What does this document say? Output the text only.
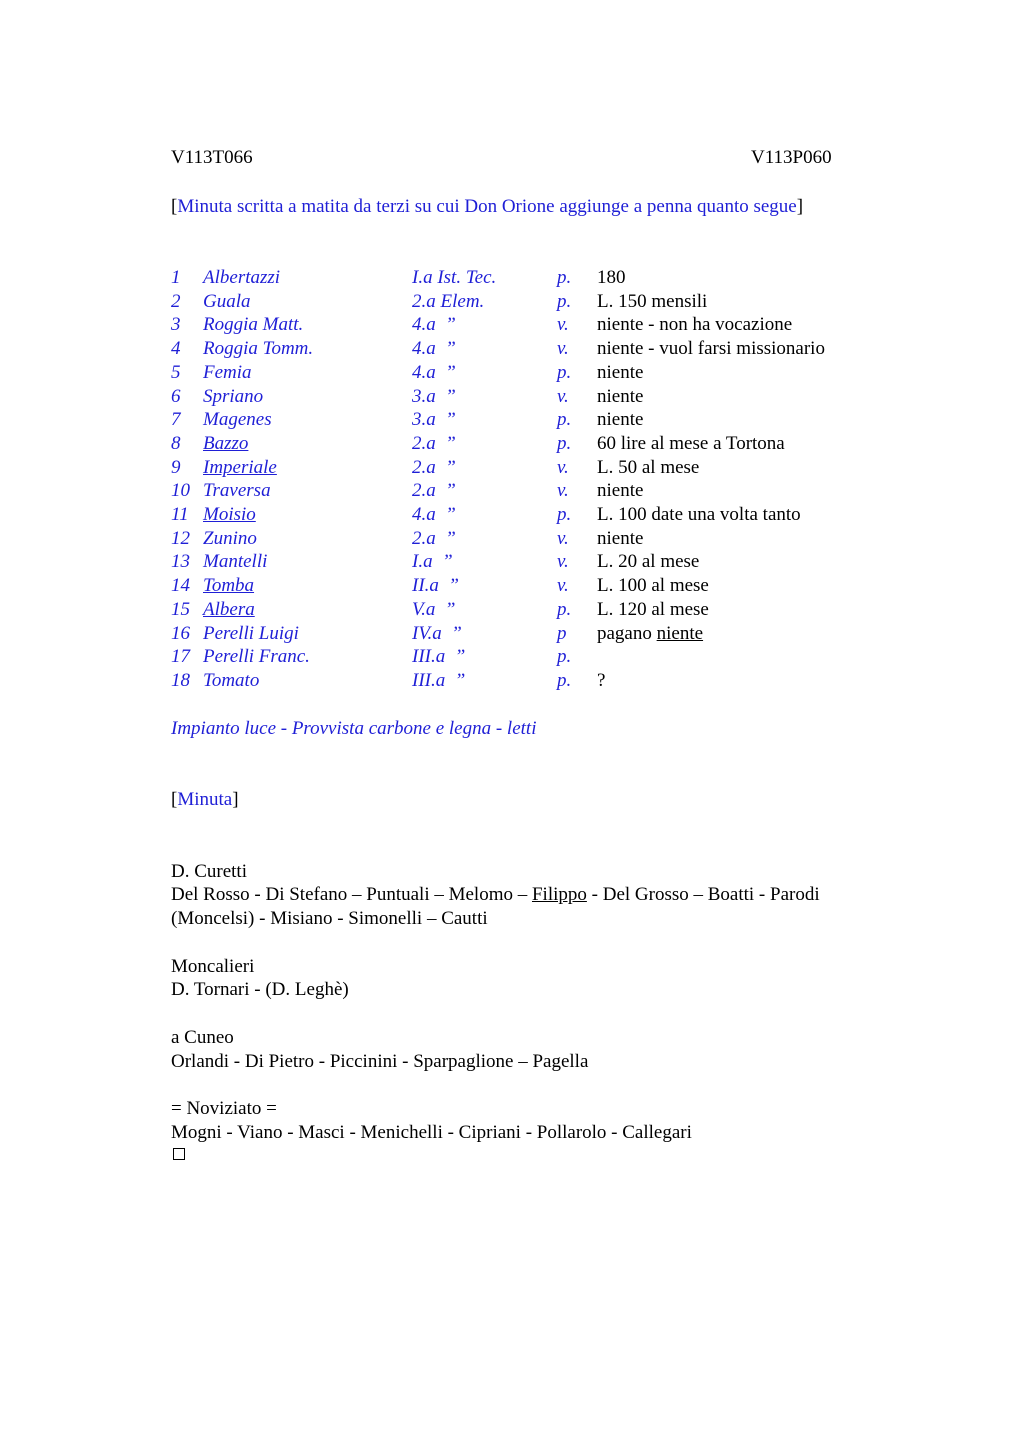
V113T066	V113P060
[Minuta scritta a matita da terzi su cui Don Orione aggiunge a penna quanto segue]
1 Albertazzi	I.a Ist. Tec.	p. 180
2 Guala	2.a Elem.	p. L. 150 mensili
3 Roggia Matt.	4.a  ”	v. niente - non ha vocazione
4 Roggia Tomm.	4.a  ”	v. niente - vuol farsi missionario
5 Femia	4.a  ”	p. niente
6 Spriano	3.a  ”	v. niente
7 Magenes	3.a  ”	p. niente
8 Bazzo	2.a  ”	p. 60 lire al mese a Tortona
9 Imperiale	2.a  ”	v. L. 50 al mese
10 Traversa	2.a  ”	v. niente
11 Moisio	4.a  ”	p. L. 100 date una volta tanto
12 Zunino	2.a  ”	v. niente
13 Mantelli	I.a  ”	v. L. 20 al mese
14 Tomba	II.a  ”	v. L. 100 al mese
15 Albera	V.a  ”	p. L. 120 al mese
16 Perelli Luigi	IV.a  ”	p pagano niente
17 Perelli Franc.	III.a  ”	p.
18 Tomato	III.a  ”	p. ?
Impianto luce - Provvista carbone e legna - letti
[Minuta]
D. Curetti
Del Rosso - Di Stefano – Puntuali – Melomo – Filippo - Del Grosso – Boatti - Parodi
(Moncelsi) - Misiano - Simonelli – Cautti
Moncalieri
D. Tornari - (D. Leghè)
a Cuneo
Orlandi - Di Pietro - Piccinini - Sparpaglione – Pagella
= Noviziato =
Mogni - Viano - Masci - Menichelli - Cipriani - Pollarolo - Callegari
